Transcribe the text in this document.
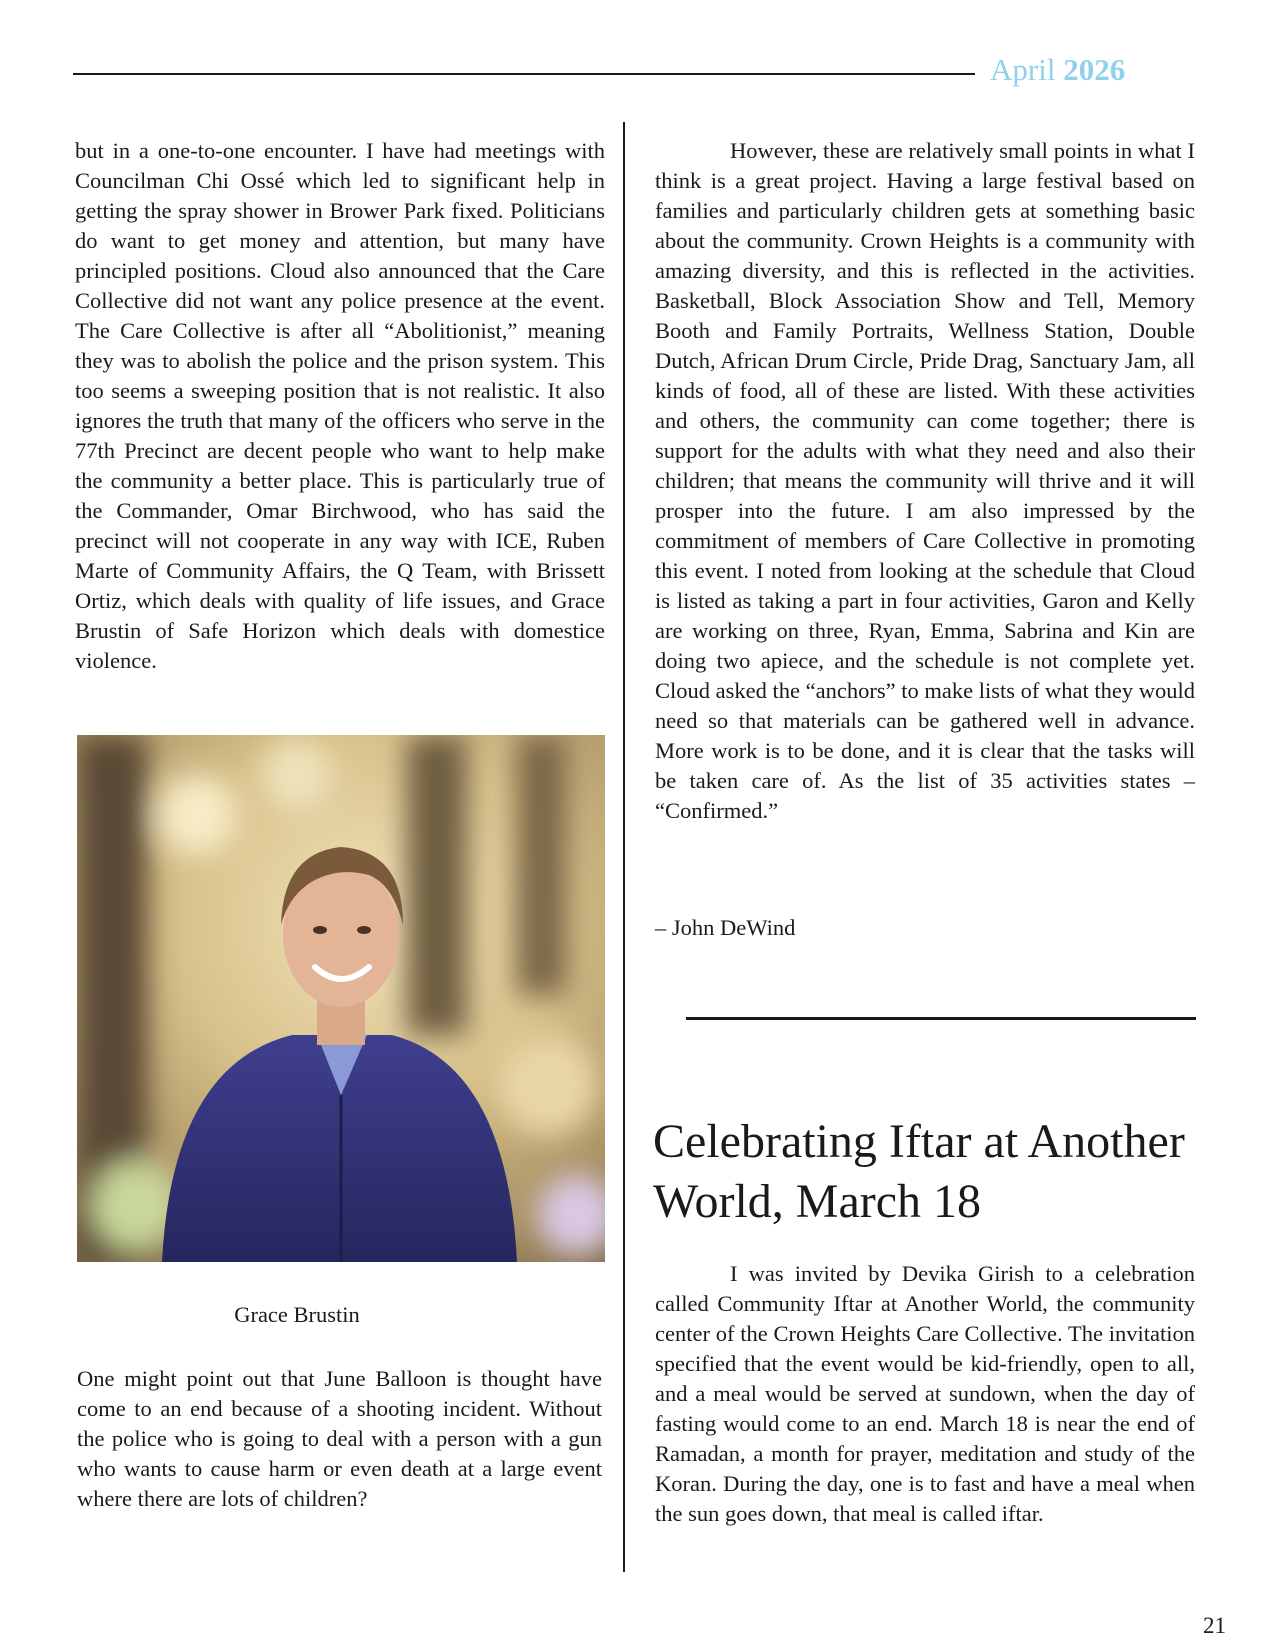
April 2026

but in a one-to-one encounter. I have had meetings with Councilman Chi Ossé which led to significant help in getting the spray shower in Brower Park fixed. Politicians do want to get money and attention, but many have principled positions. Cloud also announced that the Care Collective did not want any police presence at the event. The Care Collective is after all “Abolitionist,” meaning they was to abolish the police and the prison system. This too seems a sweeping position that is not realistic. It also ignores the truth that many of the officers who serve in the 77th Precinct are decent people who want to help make the community a better place. This is particularly true of the Commander, Omar Birchwood, who has said the precinct will not cooperate in any way with ICE, Ruben Marte of Community Affairs, the Q Team, with Brissett Ortiz, which deals with quality of life issues, and Grace Brustin of Safe Horizon which deals with domestice violence.

Grace Brustin

One might point out that June Balloon is thought have come to an end because of a shooting incident. Without the police who is going to deal with a person with a gun who wants to cause harm or even death at a large event where there are lots of children?

However, these are relatively small points in what I think is a great project. Having a large festival based on families and particularly children gets at something basic about the community. Crown Heights is a community with amazing diversity, and this is reflected in the activities. Basketball, Block Association Show and Tell, Memory Booth and Family Portraits, Wellness Station, Double Dutch, African Drum Circle, Pride Drag, Sanctuary Jam, all kinds of food, all of these are listed. With these activities and others, the community can come together; there is support for the adults with what they need and also their children; that means the community will thrive and it will prosper into the future. I am also impressed by the commitment of members of Care Collective in promoting this event. I noted from looking at the schedule that Cloud is listed as taking a part in four activities, Garon and Kelly are working on three, Ryan, Emma, Sabrina and Kin are doing two apiece, and the schedule is not complete yet. Cloud asked the “anchors” to make lists of what they would need so that materials can be gathered well in advance. More work is to be done, and it is clear that the tasks will be taken care of. As the list of 35 activities states – “Confirmed.”

– John DeWind
Celebrating Iftar at Another World, March 18

I was invited by Devika Girish to a celebration called Community Iftar at Another World, the community center of the Crown Heights Care Collective. The invitation specified that the event would be kid-friendly, open to all, and a meal would be served at sundown, when the day of fasting would come to an end. March 18 is near the end of Ramadan, a month for prayer, meditation and study of the Koran. During the day, one is to fast and have a meal when the sun goes down, that meal is called iftar.

21
